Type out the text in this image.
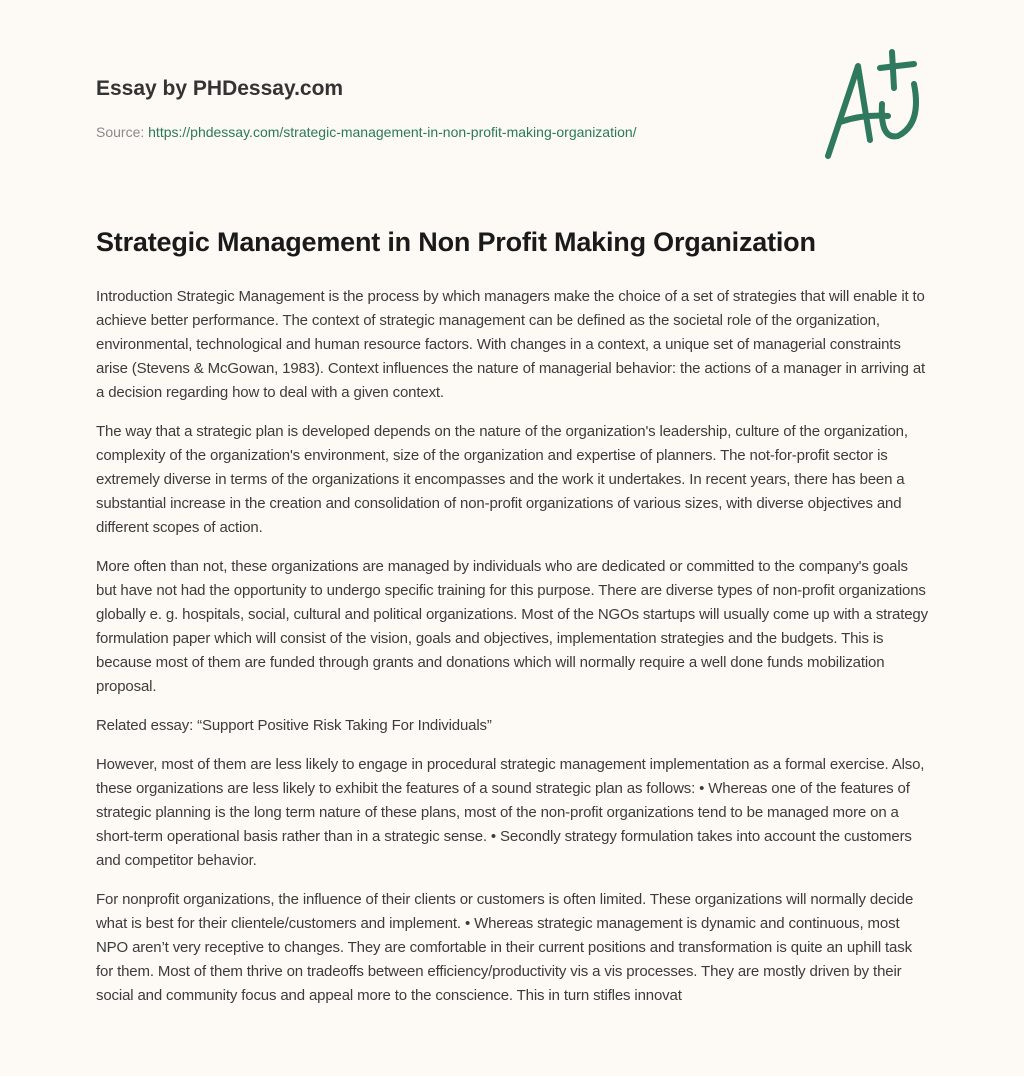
Essay by PHDessay.com
Source: https://phdessay.com/strategic-management-in-non-profit-making-organization/
Strategic Management in Non Profit Making Organization

Introduction Strategic Management is the process by which managers make the choice of a set of strategies that will enable it to achieve better performance. The context of strategic management can be defined as the societal role of the organization, environmental, technological and human resource factors. With changes in a context, a unique set of managerial constraints arise (Stevens & McGowan, 1983). Context influences the nature of managerial behavior: the actions of a manager in arriving at a decision regarding how to deal with a given context.

The way that a strategic plan is developed depends on the nature of the organization's leadership, culture of the organization, complexity of the organization's environment, size of the organization and expertise of planners. The not-for-profit sector is extremely diverse in terms of the organizations it encompasses and the work it undertakes. In recent years, there has been a substantial increase in the creation and consolidation of non-profit organizations of various sizes, with diverse objectives and different scopes of action.

More often than not, these organizations are managed by individuals who are dedicated or committed to the company's goals but have not had the opportunity to undergo specific training for this purpose. There are diverse types of non-profit organizations globally e. g. hospitals, social, cultural and political organizations. Most of the NGOs startups will usually come up with a strategy formulation paper which will consist of the vision, goals and objectives, implementation strategies and the budgets. This is because most of them are funded through grants and donations which will normally require a well done funds mobilization proposal.

Related essay: “Support Positive Risk Taking For Individuals”

However, most of them are less likely to engage in procedural strategic management implementation as a formal exercise. Also, these organizations are less likely to exhibit the features of a sound strategic plan as follows: • Whereas one of the features of strategic planning is the long term nature of these plans, most of the non-profit organizations tend to be managed more on a short-term operational basis rather than in a strategic sense. • Secondly strategy formulation takes into account the customers and competitor behavior.

For nonprofit organizations, the influence of their clients or customers is often limited. These organizations will normally decide what is best for their clientele/customers and implement. • Whereas strategic management is dynamic and continuous, most NPO aren’t very receptive to changes. They are comfortable in their current positions and transformation is quite an uphill task for them. Most of them thrive on tradeoffs between efficiency/productivity vis a vis processes. They are mostly driven by their social and community focus and appeal more to the conscience. This in turn stifles innovat
